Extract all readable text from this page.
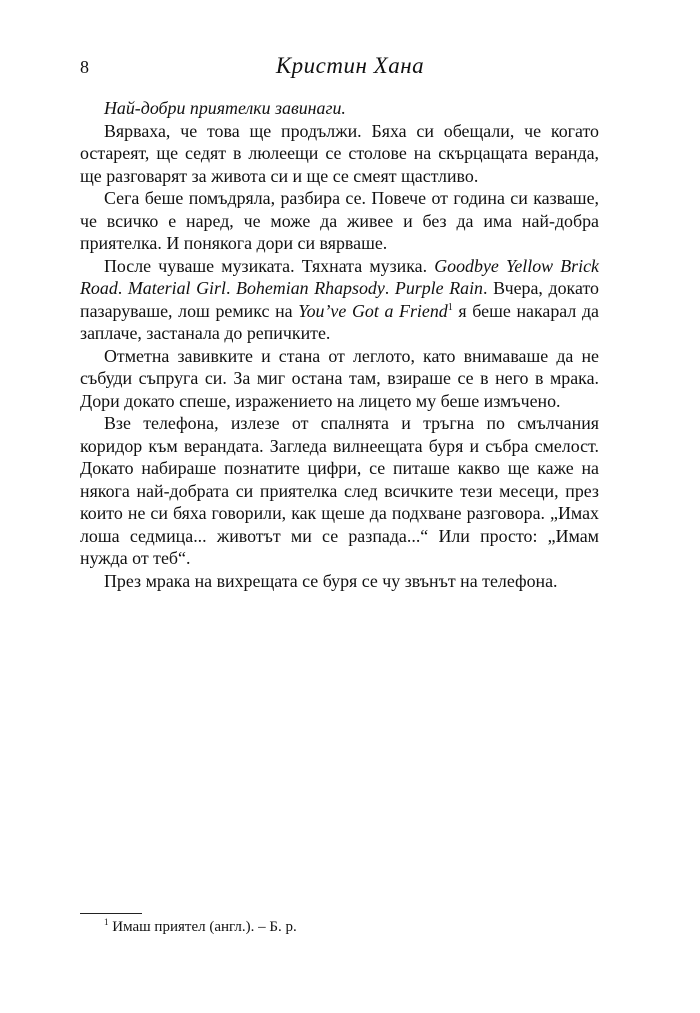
8	Кристин Хана

Най-добри приятелки завинаги.

Вярваха, че това ще продължи. Бяха си обещали, че когато остареят, ще седят в люлеещи се столове на скърцащата веранда, ще разговарят за живота си и ще се смеят щастливо.

Сега беше помъдряла, разбира се. Повече от година си казваше, че всичко е наред, че може да живее и без да има най-добра приятелка. И понякога дори си вярваше.

После чуваше музиката. Тяхната музика. Goodbye Yellow Brick Road. Material Girl. Bohemian Rhapsody. Purple Rain. Вчера, докато пазаруваше, лош ремикс на You’ve Got a Friend$^1$ я беше накарал да заплаче, застанала до репичките.

Отметна завивките и стана от леглото, като внимаваше да не събуди съпруга си. За миг остана там, взираше се в него в мрака. Дори докато спеше, изражението на лицето му беше измъчено.

Взе телефона, излезе от спалнята и тръгна по смълчания коридор към верандата. Загледа вилнеещата буря и събра смелост. Докато набираше познатите цифри, се питаше какво ще каже на някога най-добрата си приятелка след всичките тези месеци, през които не си бяха говорили, как щеше да подхване разговора. „Имах лоша седмица... животът ми се разпада...“ Или просто: „Имам нужда от теб“.

През мрака на вихрещата се буря се чу звънът на телефона.

$^1$ Имаш приятел (англ.). – Б. р.
